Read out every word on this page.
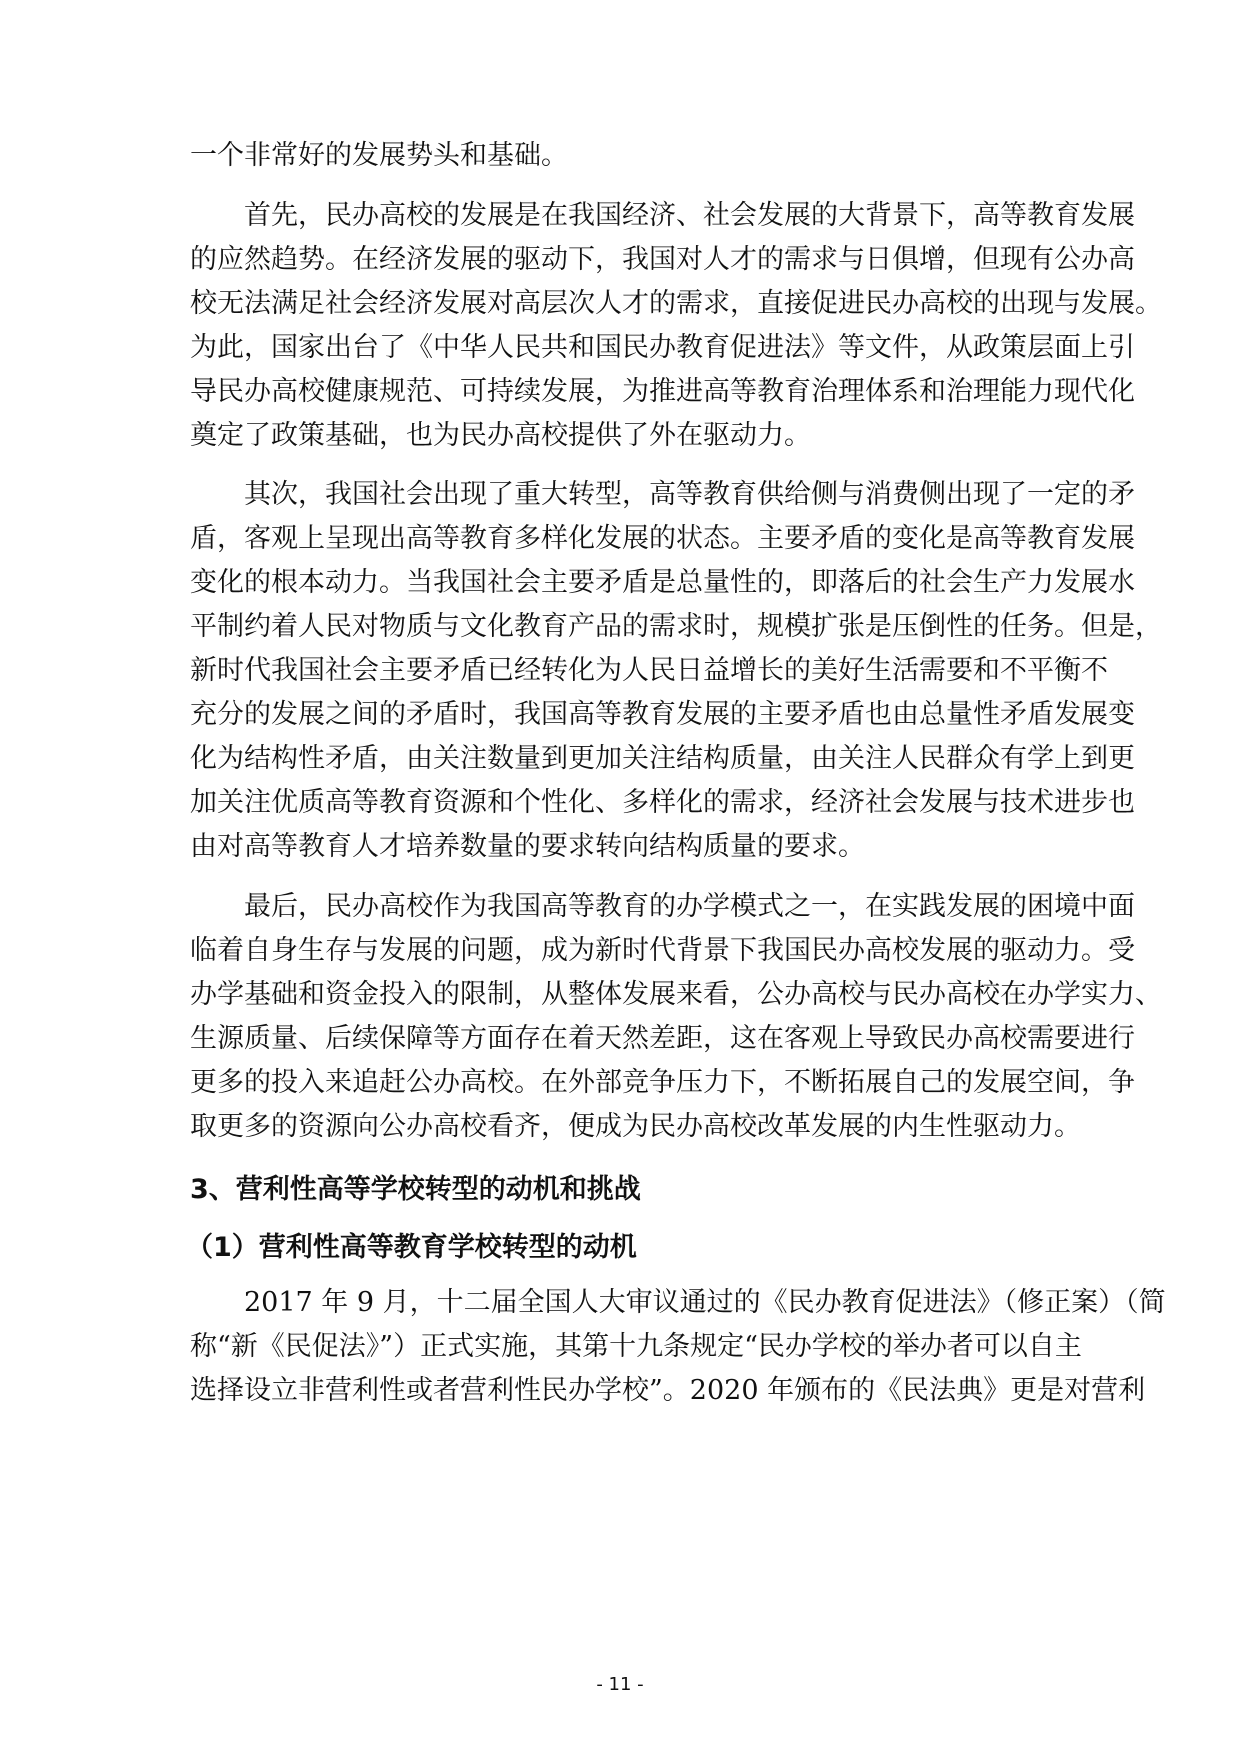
一个非常好的发展势头和基础。
首先，民办高校的发展是在我国经济、社会发展的大背景下，高等教育发展
的应然趋势。在经济发展的驱动下，我国对人才的需求与日俱增，但现有公办高
校无法满足社会经济发展对高层次人才的需求，直接促进民办高校的出现与发展。
为此，国家出台了《中华人民共和国民办教育促进法》等文件，从政策层面上引
导民办高校健康规范、可持续发展，为推进高等教育治理体系和治理能力现代化
奠定了政策基础，也为民办高校提供了外在驱动力。
其次，我国社会出现了重大转型，高等教育供给侧与消费侧出现了一定的矛
盾，客观上呈现出高等教育多样化发展的状态。主要矛盾的变化是高等教育发展
变化的根本动力。当我国社会主要矛盾是总量性的，即落后的社会生产力发展水
平制约着人民对物质与文化教育产品的需求时，规模扩张是压倒性的任务。但是，
新时代我国社会主要矛盾已经转化为人民日益增长的美好生活需要和不平衡不
充分的发展之间的矛盾时，我国高等教育发展的主要矛盾也由总量性矛盾发展变
化为结构性矛盾，由关注数量到更加关注结构质量，由关注人民群众有学上到更
加关注优质高等教育资源和个性化、多样化的需求，经济社会发展与技术进步也
由对高等教育人才培养数量的要求转向结构质量的要求。
最后，民办高校作为我国高等教育的办学模式之一，在实践发展的困境中面
临着自身生存与发展的问题，成为新时代背景下我国民办高校发展的驱动力。受
办学基础和资金投入的限制，从整体发展来看，公办高校与民办高校在办学实力、
生源质量、后续保障等方面存在着天然差距，这在客观上导致民办高校需要进行
更多的投入来追赶公办高校。在外部竞争压力下，不断拓展自己的发展空间，争
取更多的资源向公办高校看齐，便成为民办高校改革发展的内生性驱动力。
3、营利性高等学校转型的动机和挑战
（1）营利性高等教育学校转型的动机
2017 年 9 月，十二届全国人大审议通过的《民办教育促进法》（修正案）（简
称“新《民促法》”）正式实施，其第十九条规定“民办学校的举办者可以自主
选择设立非营利性或者营利性民办学校”。2020 年颁布的《民法典》更是对营利
- 11 -
